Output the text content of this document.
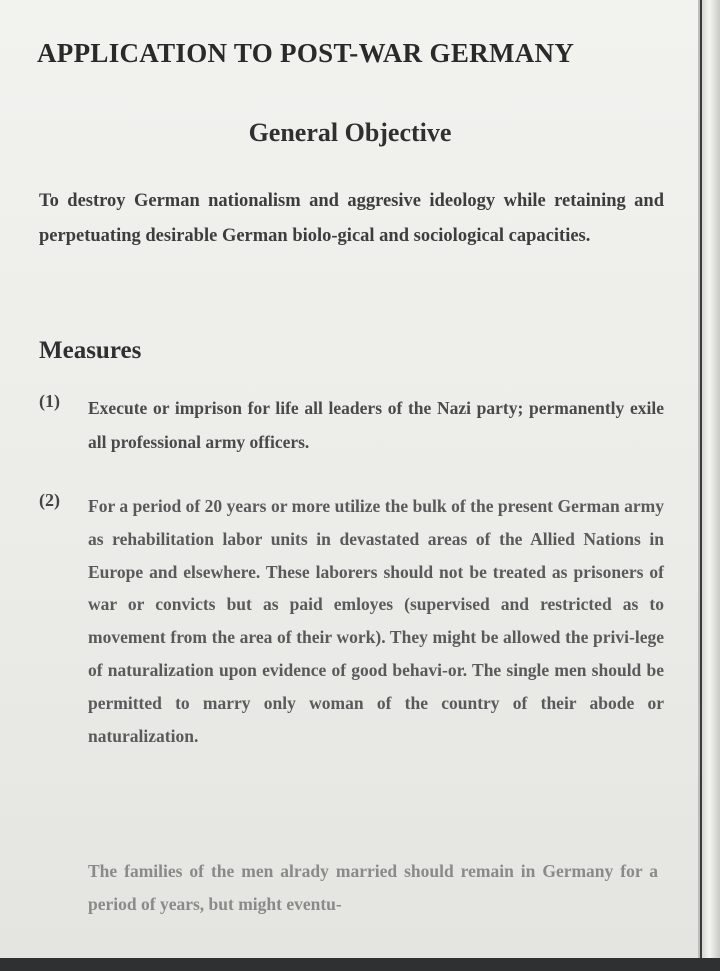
APPLICATION TO POST-WAR GERMANY
General Objective
To destroy German nationalism and aggresive ideology while retaining and perpetuating desirable German biolo-gical and sociological capacities.
Measures
(1) Execute or imprison for life all leaders of the Nazi party; permanently exile all professional army officers.
(2) For a period of 20 years or more utilize the bulk of the present German army as rehabilitation labor units in devastated areas of the Allied Nations in Europe and elsewhere. These laborers should not be treated as prisoners of war or convicts but as paid emloyes (supervised and restricted as to movement from the area of their work). They might be allowed the privi-lege of naturalization upon evidence of good behavi-or. The single men should be permitted to marry only woman of the country of their abode or naturalization.
The families of the men alrady married should remain in Germany for a period of years, but might eventu-
